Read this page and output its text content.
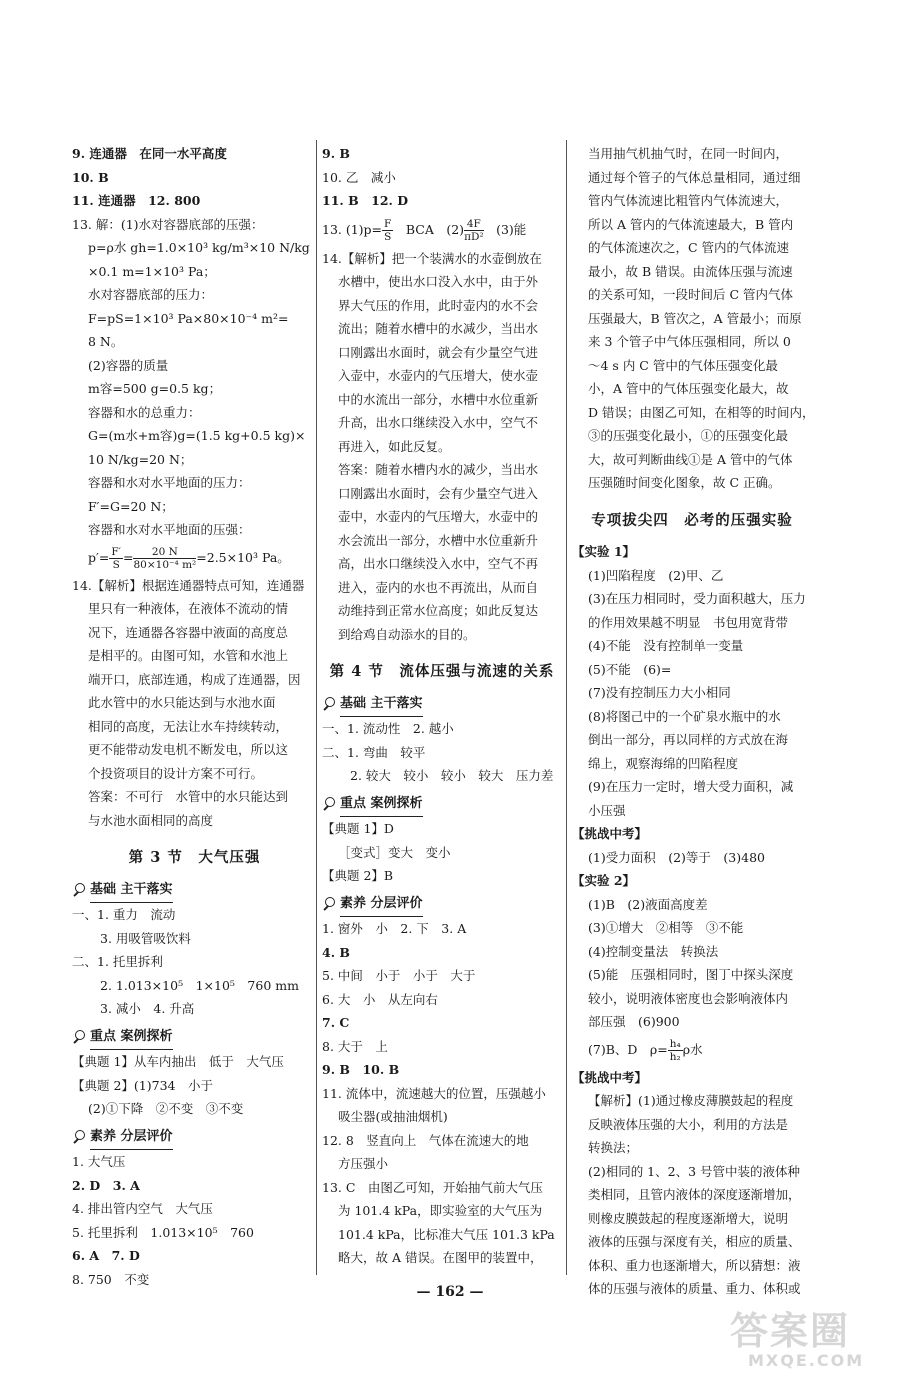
9. 连通器　在同一水平高度
10. B
11. 连通器　12. 800
13. 解：(1)水对容器底部的压强：
p=ρ水 gh=1.0×10³ kg/m³×10 N/kg
×0.1 m=1×10³ Pa；
水对容器底部的压力：
F=pS=1×10³ Pa×80×10⁻⁴ m²=
8 N。
(2)容器的质量
m容=500 g=0.5 kg；
容器和水的总重力：
G=(m水+m容)g=(1.5 kg+0.5 kg)×
10 N/kg=20 N；
容器和水对水平地面的压力：
F′=G=20 N；
容器和水对水平地面的压强：
$p'= \frac{F'}{S} = \frac{20 N}{\text{80×10⁻⁴ m²}} =2.5\times 10^3$ Pa。
14.【解析】根据连通器特点可知，连通器
里只有一种液体，在液体不流动的情
况下，连通器各容器中液面的高度总
是相平的。由图可知，水管和水池上
端开口，底部连通，构成了连通器，因
此水管中的水只能达到与水池水面
相同的高度，无法让水车持续转动，
更不能带动发电机不断发电，所以这
个投资项目的设计方案不可行。
答案：不可行　水管中的水只能达到
与水池水面相同的高度
第 3 节　大气压强
基础 主干落实
一、1. 重力　流动
3. 用吸管吸饮料
二、1. 托里拆利
2. 1.013×10⁵　1×10⁵　760 mm
3. 减小　4. 升高
重点 案例探析
【典题 1】从车内抽出　低于　大气压
【典题 2】(1)734　小于
(2)①下降　②不变　③不变
素养 分层评价
1. 大气压
2. D　3. A
4. 排出管内空气　大气压
5. 托里拆利　1.013×10⁵　760
6. A　7. D
8. 750　不变
9. B
10. 乙　减小
11. B　12. D
13. $(1)p= \frac{F}{S}$ 　BCA　$(2) \frac{4F}{\text{πD²}}$ 　(3)能
14.【解析】把一个装满水的水壶倒放在
水槽中，使出水口没入水中，由于外
界大气压的作用，此时壶内的水不会
流出；随着水槽中的水减少，当出水
口刚露出水面时，就会有少量空气进
入壶中，水壶内的气压增大，使水壶
中的水流出一部分，水槽中水位重新
升高，出水口继续没入水中，空气不
再进入，如此反复。
答案：随着水槽内水的减少，当出水
口刚露出水面时，会有少量空气进入
壶中，水壶内的气压增大，水壶中的
水会流出一部分，水槽中水位重新升
高，出水口继续没入水中，空气不再
进入，壶内的水也不再流出，从而自
动维持到正常水位高度；如此反复达
到给鸡自动添水的目的。
第 4 节　流体压强与流速的关系
基础 主干落实
一、1. 流动性　2. 越小
二、1. 弯曲　较平
2. 较大　较小　较小　较大　压力差
重点 案例探析
【典题 1】D
［变式］变大　变小
【典题 2】B
素养 分层评价
1. 窗外　小　2. 下　3. A
4. B
5. 中间　小于　小于　大于
6. 大　小　从左向右
7. C
8. 大于　上
9. B　10. B
11. 流体中，流速越大的位置，压强越小
吸尘器(或抽油烟机)
12. 8　竖直向上　气体在流速大的地
方压强小
13. C　由图乙可知，开始抽气前大气压
为 101.4 kPa，即实验室的大气压为
101.4 kPa，比标准大气压 101.3 kPa
略大，故 A 错误。在图甲的装置中，
当用抽气机抽气时，在同一时间内，
通过每个管子的气体总量相同，通过细
管内气体流速比粗管内气体流速大，
所以 A 管内的气体流速最大，B 管内
的气体流速次之，C 管内的气体流速
最小，故 B 错误。由流体压强与流速
的关系可知，一段时间后 C 管内气体
压强最大，B 管次之，A 管最小；而原
来 3 个管子中气体压强相同，所以 0
～4 s 内 C 管中的气体压强变化最
小，A 管中的气体压强变化最大，故
D 错误；由图乙可知，在相等的时间内，
③的压强变化最小，①的压强变化最
大，故可判断曲线①是 A 管中的气体
压强随时间变化图象，故 C 正确。
专项拔尖四　必考的压强实验
【实验 1】
(1)凹陷程度　(2)甲、乙
(3)在压力相同时，受力面积越大，压力
的作用效果越不明显　书包用宽背带
(4)不能　没有控制单一变量
(5)不能　(6)=
(7)没有控制压力大小相同
(8)将图己中的一个矿泉水瓶中的水
倒出一部分，再以同样的方式放在海
绵上，观察海绵的凹陷程度
(9)在压力一定时，增大受力面积，减
小压强
【挑战中考】
(1)受力面积　(2)等于　(3)480
【实验 2】
(1)B　(2)液面高度差
(3)①增大　②相等　③不能
(4)控制变量法　转换法
(5)能　压强相同时，图丁中探头深度
较小，说明液体密度也会影响液体内
部压强　(6)900
(7)B、D　$\rho= \frac{\text{h₄}}{\text{h₂}}$ ρ水
【挑战中考】
【解析】(1)通过橡皮薄膜鼓起的程度
反映液体压强的大小，利用的方法是
转换法；
(2)相同的 1、2、3 号管中装的液体种
类相同，且管内液体的深度逐渐增加，
则橡皮膜鼓起的程度逐渐增大，说明
液体的压强与深度有关，相应的质量、
体积、重力也逐渐增大，所以猜想：液
体的压强与液体的质量、重力、体积或
— 162 —
答案圈
MXQE.COM
